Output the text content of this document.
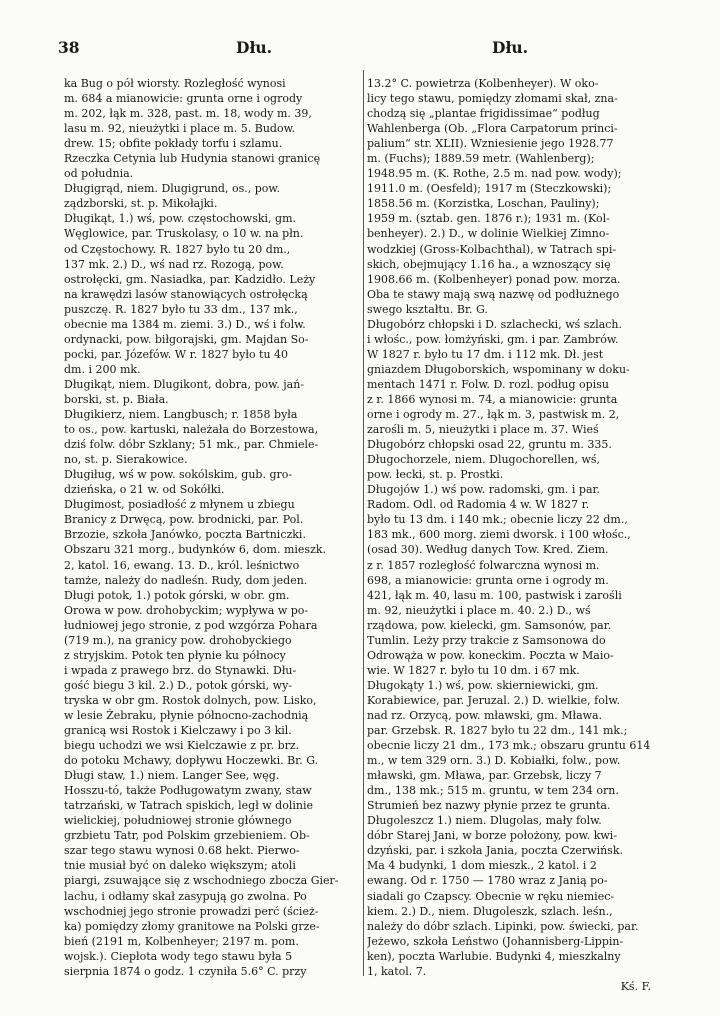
38	Dłu.	Dłu.
ka Bug o pół wiorsty. Rozległość wynosi
m. 684 a mianowicie: grunta orne i ogrody
m. 202, łąk m. 328, past. m. 18, wody m. 39,
lasu m. 92, nieużytki i place m. 5. Budow.
drew. 15; obfite pokłady torfu i szlamu.
Rzeczka Cetynia lub Hudynia stanowi granicę
od południa.
Długigrąd, niem. Dlugigrund, os., pow.
ządzborski, st. p. Mikołajki.
Długikąt, 1.) wś, pow. częstochowski, gm.
Węglowice, par. Truskolasy, o 10 w. na płn.
od Częstochowy. R. 1827 było tu 20 dm.,
137 mk. 2.) D., wś nad rz. Rozogą, pow.
ostrołęcki, gm. Nasiadka, par. Kadzidło. Leży
na krawędzi lasów stanowiących ostrołęcką
puszczę. R. 1827 było tu 33 dm., 137 mk.,
obecnie ma 1384 m. ziemi. 3.) D., wś i folw.
ordynacki, pow. biłgorajski, gm. Majdan So-
pocki, par. Józefów. W r. 1827 było tu 40
dm. i 200 mk.
Długikąt, niem. Dlugikont, dobra, pow. jań-
borski, st. p. Biała.
Długikierz, niem. Langbusch; r. 1858 była
to os., pow. kartuski, należała do Borzestowa,
dziś folw. dóbr Szklany; 51 mk., par. Chmiele-
no, st. p. Sierakowice.
Długiług, wś w pow. sokólskim, gub. gro-
dzieńska, o 21 w. od Sokółki.
Długimost, posiadłość z młynem u zbiegu
Branicy z Drwęcą, pow. brodnicki, par. Pol.
Brzozie, szkoła Janówko, poczta Bartniczki.
Obszaru 321 morg., budynków 6, dom. mieszk.
2, katol. 16, ewang. 13. D., król. leśnictwo
tamże, należy do nadleśn. Rudy, dom jeden.
Długi potok, 1.) potok górski, w obr. gm.
Orowa w pow. drohobyckim; wypływa w po-
łudniowej jego stronie, z pod wzgórza Pohara
(719 m.), na granicy pow. drohobyckiego
z stryjskim. Potok ten płynie ku północy
i wpada z prawego brz. do Stynawki. Dłu-
gość biegu 3 kil. 2.) D., potok górski, wy-
tryska w obr gm. Rostok dolnych, pow. Lisko,
w lesie Żebraku, płynie północno-zachodnią
granicą wsi Rostok i Kielczawy i po 3 kil.
biegu uchodzi we wsi Kielczawie z pr. brz.
do potoku Mchawy, dopływu Hoczewki. Br. G.
Długi staw, 1.) niem. Langer See, węg.
Hosszu-tó, także Podługowatym zwany, staw
tatrzański, w Tatrach spiskich, legł w dolinie
wielickiej, południowej stronie głównego
grzbietu Tatr, pod Polskim grzebieniem. Ob-
szar tego stawu wynosi 0.68 hekt. Pierwo-
tnie musiał być on daleko większym; atoli
piargi, zsuwające się z wschodniego zbocza Gier-
lachu, i odłamy skał zasypują go zwolna. Po
wschodniej jego stronie prowadzi perć (ścież-
ka) pomiędzy złomy granitowe na Polski grze-
bień (2191 m, Kolbenheyer; 2197 m. pom.
wojsk.). Ciepłota wody tego stawu była 5
sierpnia 1874 o godz. 1 czyniła 5.6° C. przy
13.2° C. powietrza (Kolbenheyer). W oko-
licy tego stawu, pomiędzy złomami skał, zna-
chodzą się „plantae frigidissimae“ podług
Wahlenberga (Ob. „Flora Carpatorum princi-
palium“ str. XLII). Wzniesienie jego 1928.77
m. (Fuchs); 1889.59 metr. (Wahlenberg);
1948.95 m. (K. Rothe, 2.5 m. nad pow. wody);
1911.0 m. (Oesfeld); 1917 m (Steczkowski);
1858.56 m. (Korzistka, Loschan, Pauliny);
1959 m. (sztab. gen. 1876 r.); 1931 m. (Kol-
benheyer). 2.) D., w dolinie Wielkiej Zimno-
wodzkiej (Gross-Kolbachthal), w Tatrach spi-
skich, obejmujący 1.16 ha., a wznoszący się
1908.66 m. (Kolbenheyer) ponad pow. morza.
Oba te stawy mają swą nazwę od podłużnego
swego kształtu. Br. G.
Długobórz chłopski i D. szlachecki, wś szlach.
i włośc., pow. łomżyński, gm. i par. Zambrów.
W 1827 r. było tu 17 dm. i 112 mk. Dł. jest
gniazdem Długoborskich, wspominany w doku-
mentach 1471 r. Folw. D. rozl. podług opisu
z r. 1866 wynosi m. 74, a mianowicie: grunta
orne i ogrody m. 27., łąk m. 3, pastwisk m. 2,
zarośli m. 5, nieużytki i place m. 37. Wieś
Długobórz chłopski osad 22, gruntu m. 335.
Długochorzele, niem. Dlugochorellen, wś,
pow. łecki, st. p. Prostki.
Długojów 1.) wś pow. radomski, gm. i par.
Radom. Odl. od Radomia 4 w. W 1827 r.
było tu 13 dm. i 140 mk.; obecnie liczy 22 dm.,
183 mk., 600 morg. ziemi dworsk. i 100 włośc.,
(osad 30). Według danych Tow. Kred. Ziem.
z r. 1857 rozległość folwarczna wynosi m.
698, a mianowicie: grunta orne i ogrody m.
421, łąk m. 40, lasu m. 100, pastwisk i zarośli
m. 92, nieużytki i place m. 40. 2.) D., wś
rządowa, pow. kielecki, gm. Samsonów, par.
Tumlin. Leży przy trakcie z Samsonowa do
Odrowąża w pow. koneckim. Poczta w Maio-
wie. W 1827 r. było tu 10 dm. i 67 mk.
Długokąty 1.) wś, pow. skierniewicki, gm.
Korabiewice, par. Jeruzal. 2.) D. wielkie, folw.
nad rz. Orzycą, pow. mławski, gm. Mława.
par. Grzebsk. R. 1827 było tu 22 dm., 141 mk.;
obecnie liczy 21 dm., 173 mk.; obszaru gruntu 614
m., w tem 329 orn. 3.) D. Kobiałki, folw., pow.
mławski, gm. Mława, par. Grzebsk, liczy 7
dm., 138 mk.; 515 m. gruntu, w tem 234 orn.
Strumień bez nazwy płynie przez te grunta.
Długoleszcz 1.) niem. Dlugolas, mały folw.
dóbr Starej Jani, w borze położony, pow. kwi-
dzyński, par. i szkoła Jania, poczta Czerwińsk.
Ma 4 budynki, 1 dom mieszk., 2 katol. i 2
ewang. Od r. 1750 — 1780 wraz z Janią po-
siadali go Czapscy. Obecnie w ręku niemiec-
kiem. 2.) D., niem. Dlugoleszk, szlach. leśn.,
należy do dóbr szlach. Lipinki, pow. świecki, par.
Jeżewo, szkoła Leństwo (Johannisberg-Lippin-
ken), poczta Warlubie. Budynki 4, mieszkalny
1, katol. 7.
Kś. F.
